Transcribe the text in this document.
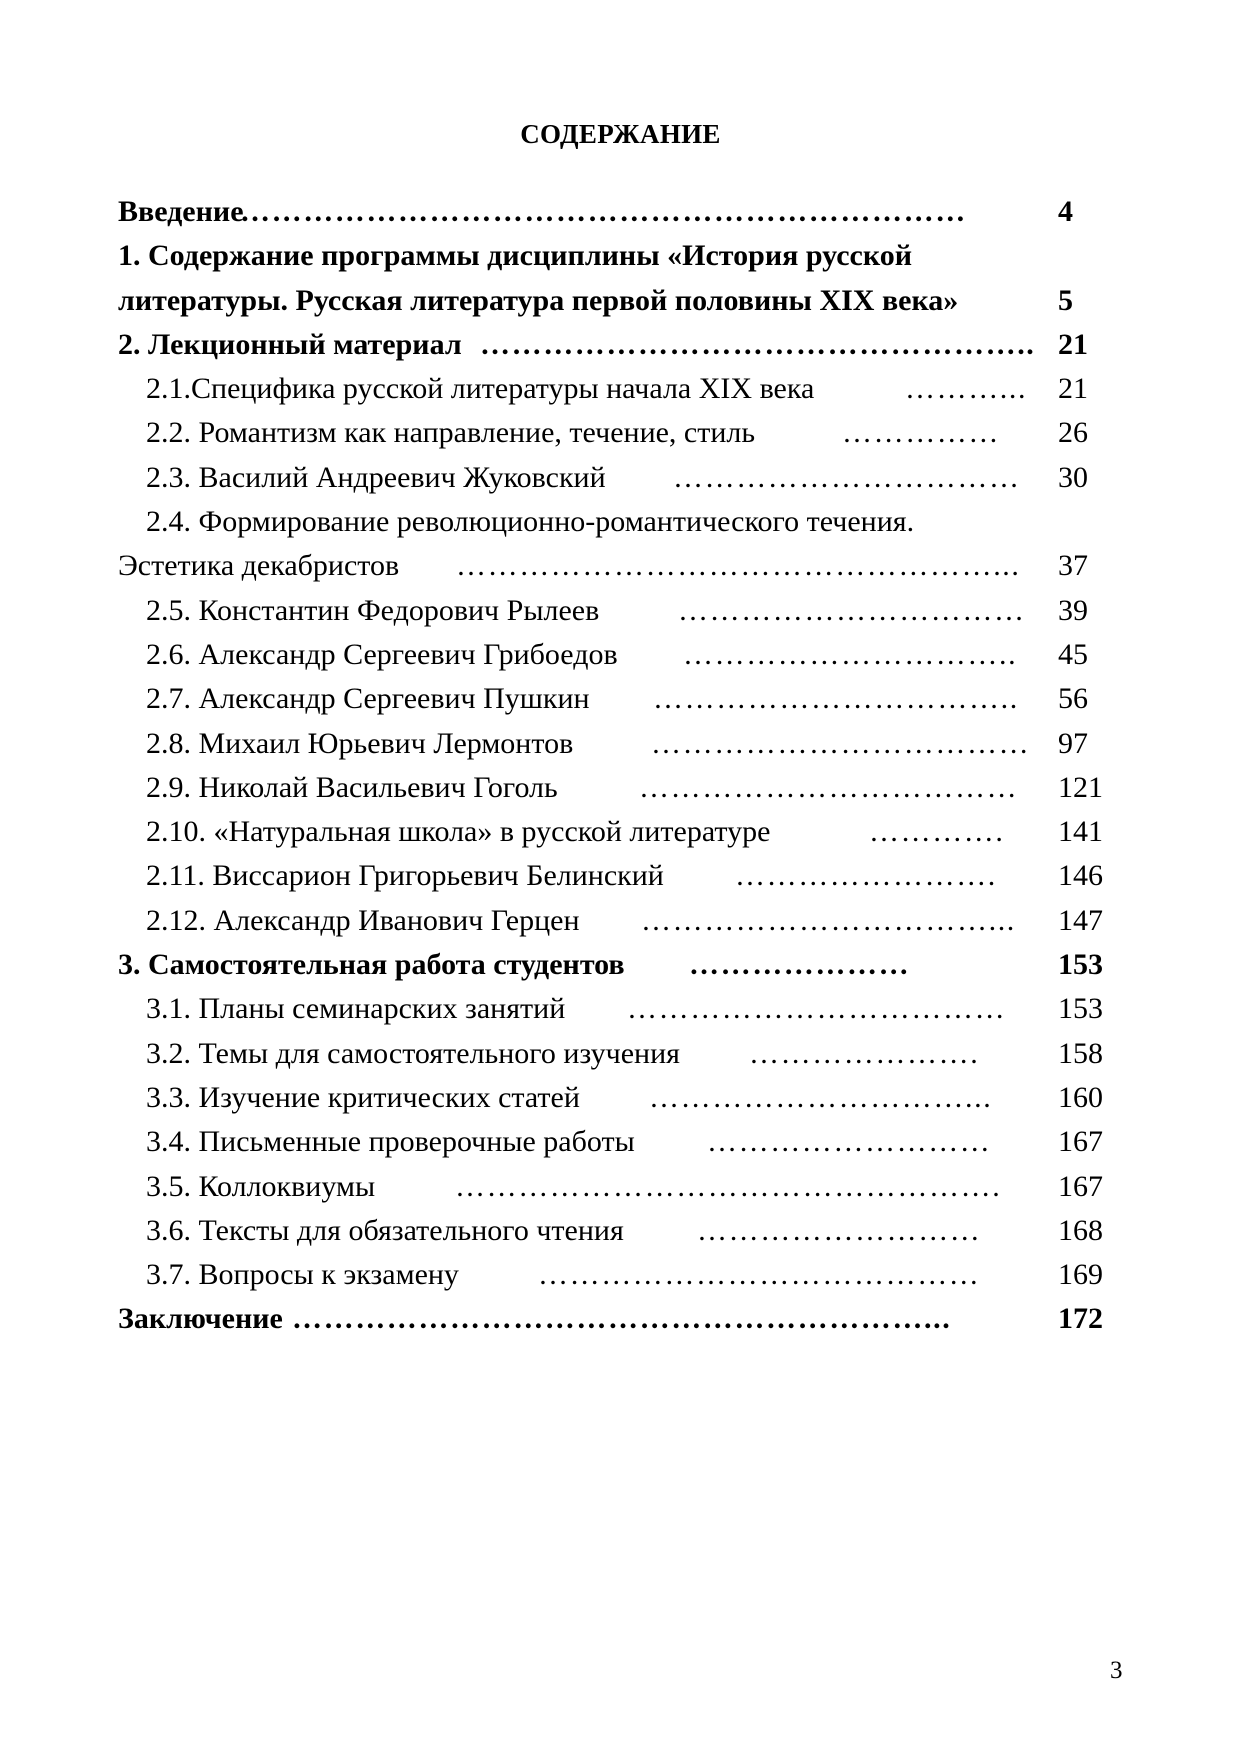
СОДЕРЖАНИЕ
Введение
……………………………………………………………	4
1. Содержание программы дисциплины «История русской
литературы. Русская литература первой половины XIX века»	5
2. Лекционный материал …………………………………………….. 21
2.1.Специфика русской литературы начала XIX века	………...	21
2.2. Романтизм как направление, течение, стиль	……………	26
2.3. Василий Андреевич Жуковский ……………………………	30
2.4. Формирование революционно-романтического течения.
Эстетика декабристов ……………………………………………...	37
2.5. Константин Федорович Рылеев	…………………………… 39
2.6. Александр Сергеевич Грибоедов …………………………..	45
2.7. Александр Сергеевич Пушкин ……………………………..	56
2.8. Михаил Юрьевич Лермонтов	……………………………… 97
2.9. Николай Васильевич Гоголь	………………………………	121
2.10. «Натуральная школа» в русской литературе	………….	141
2.11. Виссарион Григорьевич Белинский …………………….	146
2.12. Александр Иванович Герцен ……………………………...	147
3. Самостоятельная работа студентов …………………	153
3.1. Планы семинарских занятий ………………………………	153
3.2. Темы для самостоятельного изучения ………………….	158
3.3. Изучение критических статей …………………………...	160
3.4. Письменные проверочные работы ………………………	167
3.5. Коллоквиумы	…………………………………………….	167
3.6. Тексты для обязательного чтения ………………………	168
3.7. Вопросы к экзамену	……………………………………	169
Заключение ……………………………………………………...	172
3
